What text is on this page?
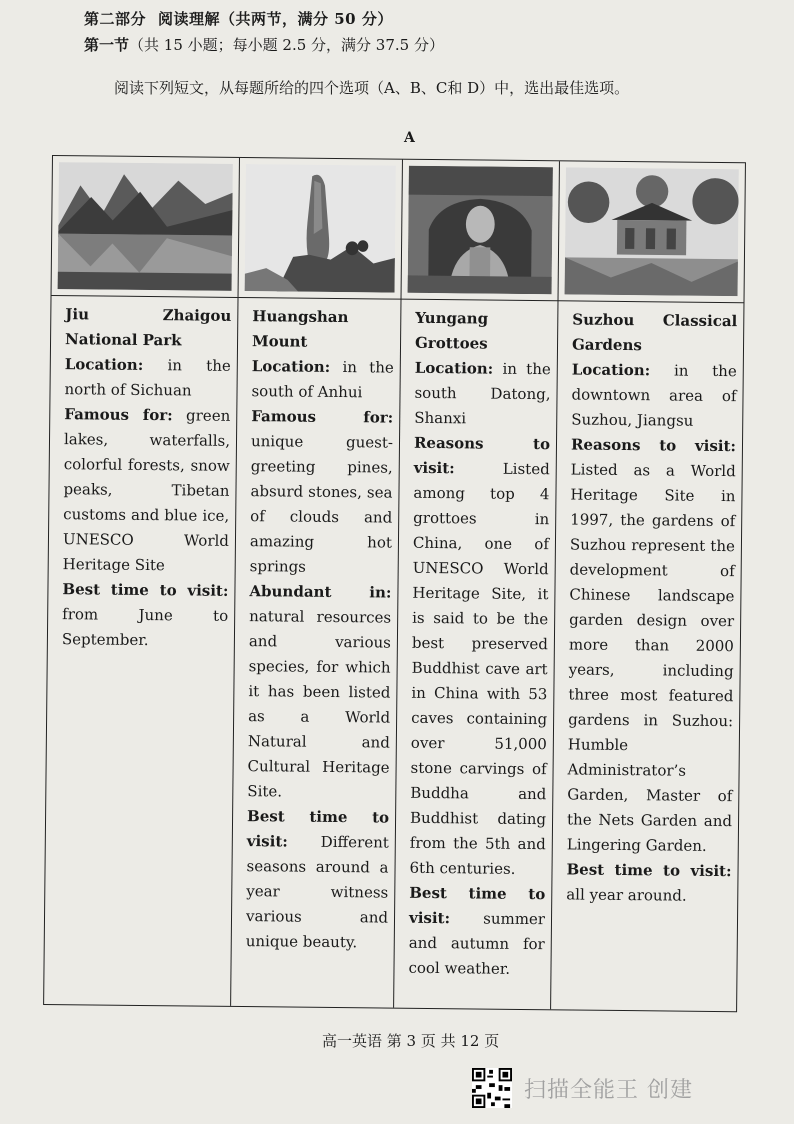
第二部分 阅读理解（共两节，满分 50 分）
第一节（共 15 小题；每小题 2.5 分，满分 37.5 分）
阅读下列短文，从每题所给的四个选项（A、B、C和 D）中，选出最佳选项。
A

Jiu Zhaigou National Park

Location: in the north of Sichuan

Famous for: green lakes, waterfalls, colorful forests, snow peaks, Tibetan customs and blue ice, UNESCO World Heritage Site

Best time to visit: from June to September.

Huangshan Mount

Location: in the south of Anhui

Famous for: unique guest-greeting pines, absurd stones, sea of clouds and amazing hot springs

Abundant in: natural resources and various species, for which it has been listed as a World Natural and Cultural Heritage Site.

Best time to visit: Different seasons around a year witness various and unique beauty.

Yungang Grottoes

Location: in the south Datong, Shanxi

Reasons to visit:	Listed among top 4 grottoes in China, one of UNESCO World Heritage Site, it is said to be the best preserved Buddhist cave art in China with 53 caves containing over 51,000 stone carvings of Buddha and Buddhist dating from the 5th and 6th centuries.

Best time to visit: summer and autumn for cool weather.

Suzhou Classical Gardens

Location: in the downtown area of Suzhou, Jiangsu

Reasons to visit: Listed as a World Heritage Site in 1997, the gardens of Suzhou represent the development of Chinese landscape garden design over more than 2000 years, including three most featured gardens in Suzhou: Humble Administrator’s Garden, Master of the Nets Garden and Lingering Garden.

Best time to visit: all year around.

高一英语 第 3 页 共 12 页
扫描全能王 创建
